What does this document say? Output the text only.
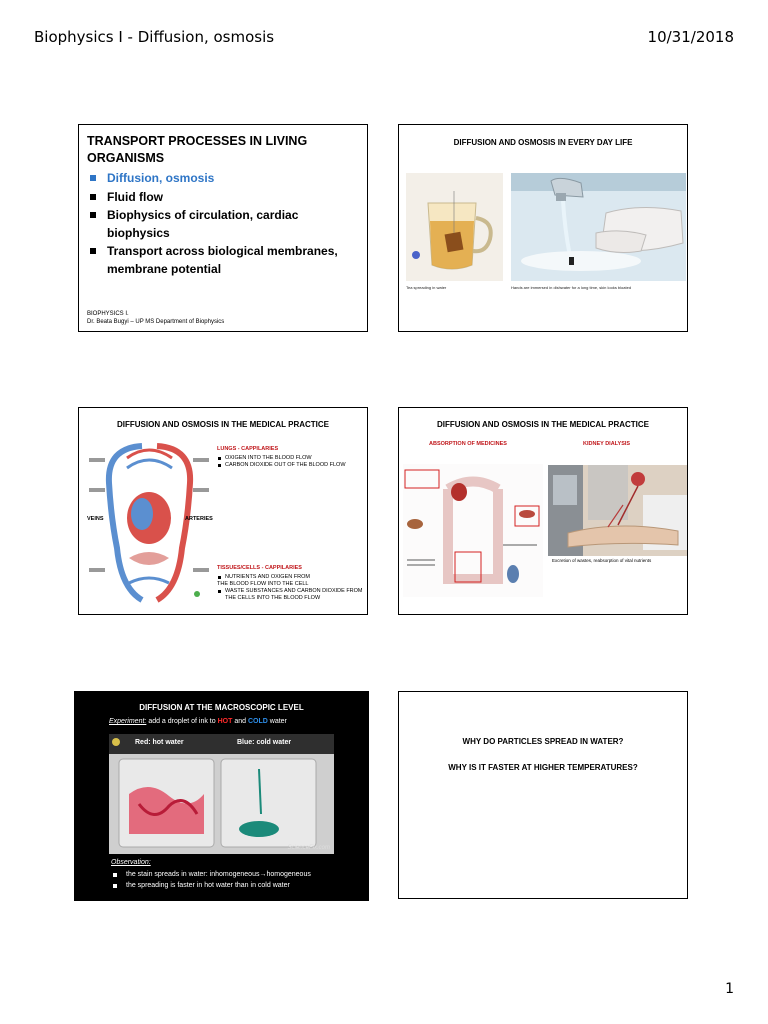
Biophysics I - Diffusion, osmosis	10/31/2018
TRANSPORT PROCESSES IN LIVING ORGANISMS
Diffusion, osmosis
Fluid flow
Biophysics of circulation, cardiac biophysics
Transport across biological membranes, membrane potential
BIOPHYSICS I.
Dr. Beata Bugyi – UP MS Department of Biophysics
DIFFUSION AND OSMOSIS IN EVERY DAY LIFE
Tea spreading in water	Hands are immersed in dishwater for a long time, skin looks bloated
DIFFUSION AND OSMOSIS IN THE MEDICAL PRACTICE
VEINS	ARTERIES
LUNGS - CAPPILARIES
OXIGEN INTO THE BLOOD FLOW
CARBON DIOXIDE OUT OF THE BLOOD FLOW
TISSUES/CELLS - CAPPILARIES
NUTRIENTS AND OXIGEN FROM
THE BLOOD FLOW INTO THE CELL
WASTE SUBSTANCES AND CARBON DIOXIDE FROM THE CELLS INTO THE BLOOD FLOW
DIFFUSION AND OSMOSIS IN THE MEDICAL PRACTICE
ABSORPTION OF MEDICINES	KIDNEY DIALYSIS
Excretion of wastes, reabsorption of vital nutrients
DIFFUSION AT THE MACROSCOPIC LEVEL
Experiment: add a droplet of ink to HOT and COLD water
Red: hot water	Blue: cold water
ScienceFix.com
Observation:
the stain spreads in water: inhomogeneous→homogeneous
the spreading is faster in hot water than in cold water
WHY DO PARTICLES SPREAD IN WATER?
WHY IS IT FASTER AT HIGHER TEMPERATURES?
1
